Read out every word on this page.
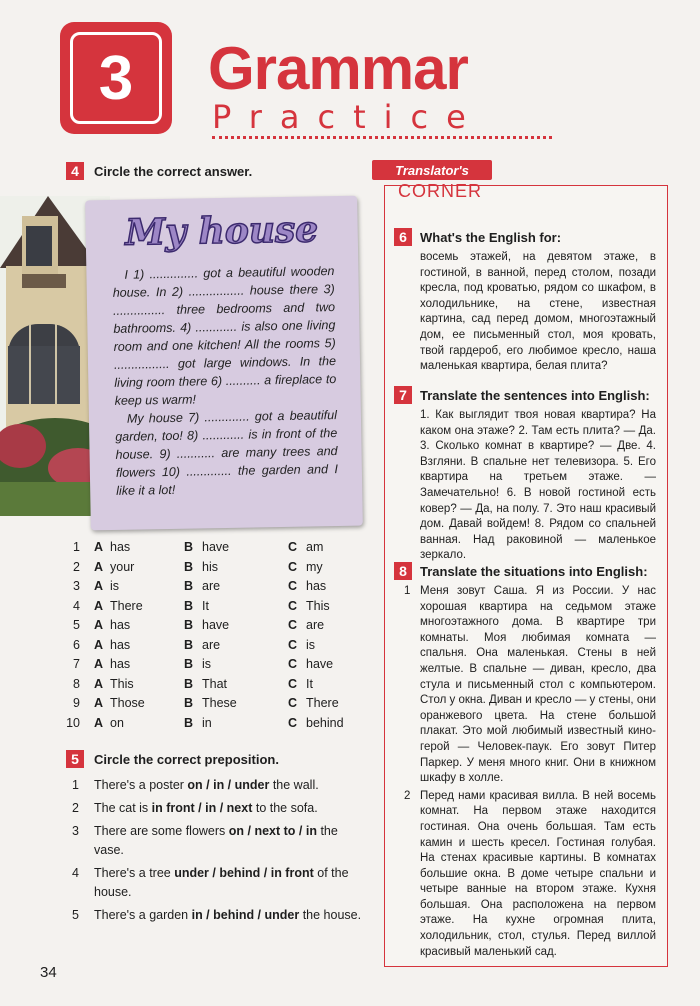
3	Grammar
Practice
4	Circle the correct answer.
My house

I 1) .............. got a beautiful wooden house. In 2) ................ house there 3) ............... three bedrooms and two bathrooms. 4) ............ is also one living room and one kitchen! All the rooms 5) ................ got large windows. In the living room there 6) .......... a fireplace to keep us warm!

My house 7) ............. got a beautiful garden, too! 8) ............ is in front of the house. 9) ........... are many trees and flowers 10) ............. the garden and I like it a lot!

1 A has	B have	C am
2 A your	B his	C my
3 A is	B are	C has
4 A There	B It	C This
5 A has	B have	C are
6 A has	B are	C is
7 A has	B is	C have
8 A This	B That	C It
9 A Those	B These	C There
10 A on	B in	C behind
5	Circle the correct preposition.
1 There's a poster on / in / under the wall.
2 The cat is in front / in / next to the sofa.
3 There are some flowers on / next to / in the vase.
4 There's a tree under / behind / in front of the house.
5 There's a garden in / behind / under the house.
34
Translator's
CORNER
6	What's the English for:
восемь этажей, на девятом этаже, в гостиной, в ванной, перед столом, позади кресла, под кроватью, рядом со шкафом, в холодильнике, на стене, известная картина, сад перед домом, многоэтажный дом, ее письменный стол, моя кровать, твой гардероб, его любимое кресло, наша маленькая квартира, белая плита?
7	Translate the sentences into English:
1. Как выглядит твоя новая квартира? На каком она этаже? 2. Там есть плита? — Да. 3. Сколько комнат в квартире? — Две. 4. Взгляни. В спальне нет телевизора. 5. Его квартира на третьем этаже. — Замечательно! 6. В новой гостиной есть ковер? — Да, на полу. 7. Это наш красивый дом. Давай войдем! 8. Рядом со спальней ванная. Над раковиной — маленькое зеркало.
8	Translate the situations into English:
1 Меня зовут Саша. Я из России. У нас хорошая квартира на седьмом этаже многоэтажного дома. В квартире три комнаты. Моя любимая комната — спальня. Она маленькая. Стены в ней желтые. В спальне — диван, кресло, два стула и письменный стол с компьютером. Стол у окна. Диван и кресло — у стены, они оранжевого цвета. На стене большой плакат. Это мой любимый известный кино-герой — Человек-паук. Его зовут Питер Паркер. У меня много книг. Они в книжном шкафу в холле.
2 Перед нами красивая вилла. В ней восемь комнат. На первом этаже находится гостиная. Она очень большая. Там есть камин и шесть кресел. Гостиная голубая. На стенах красивые картины. В комнатах большие окна. В доме четыре спальни и четыре ванные на втором этаже. Кухня большая. Она расположена на первом этаже. На кухне огромная плита, холодильник, стол, стулья. Перед виллой красивый маленький сад.
